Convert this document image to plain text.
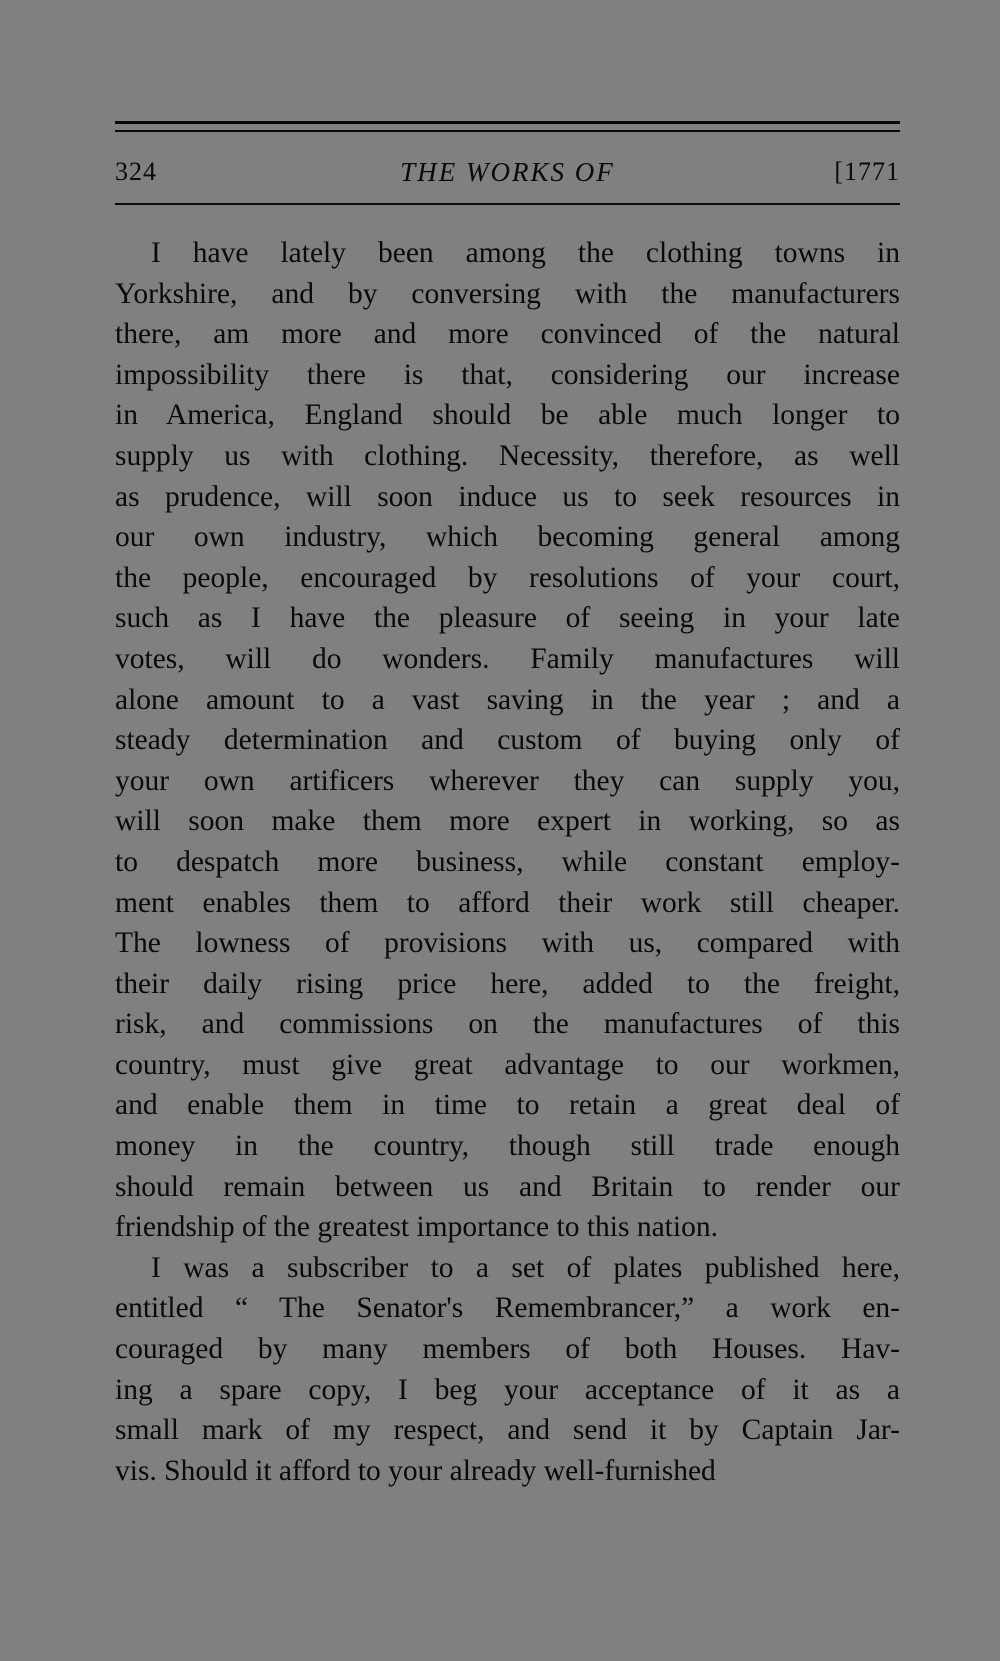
324	THE WORKS OF	[1771
I have lately been among the clothing towns in
Yorkshire, and by conversing with the manufacturers
there, am more and more convinced of the natural
impossibility there is that, considering our increase
in America, England should be able much longer to
supply us with clothing. Necessity, therefore, as well
as prudence, will soon induce us to seek resources in
our own industry, which becoming general among
the people, encouraged by resolutions of your court,
such as I have the pleasure of seeing in your late
votes, will do wonders. Family manufactures will
alone amount to a vast saving in the year ; and a
steady determination and custom of buying only of
your own artificers wherever they can supply you,
will soon make them more expert in working, so as
to despatch more business, while constant employ-
ment enables them to afford their work still cheaper.
The lowness of provisions with us, compared with
their daily rising price here, added to the freight,
risk, and commissions on the manufactures of this
country, must give great advantage to our workmen,
and enable them in time to retain a great deal of
money in the country, though still trade enough
should remain between us and Britain to render our
friendship of the greatest importance to this nation.
I was a subscriber to a set of plates published here,
entitled “ The Senator's Remembrancer,” a work en-
couraged by many members of both Houses. Hav-
ing a spare copy, I beg your acceptance of it as a
small mark of my respect, and send it by Captain Jar-
vis. Should it afford to your already well-furnished
